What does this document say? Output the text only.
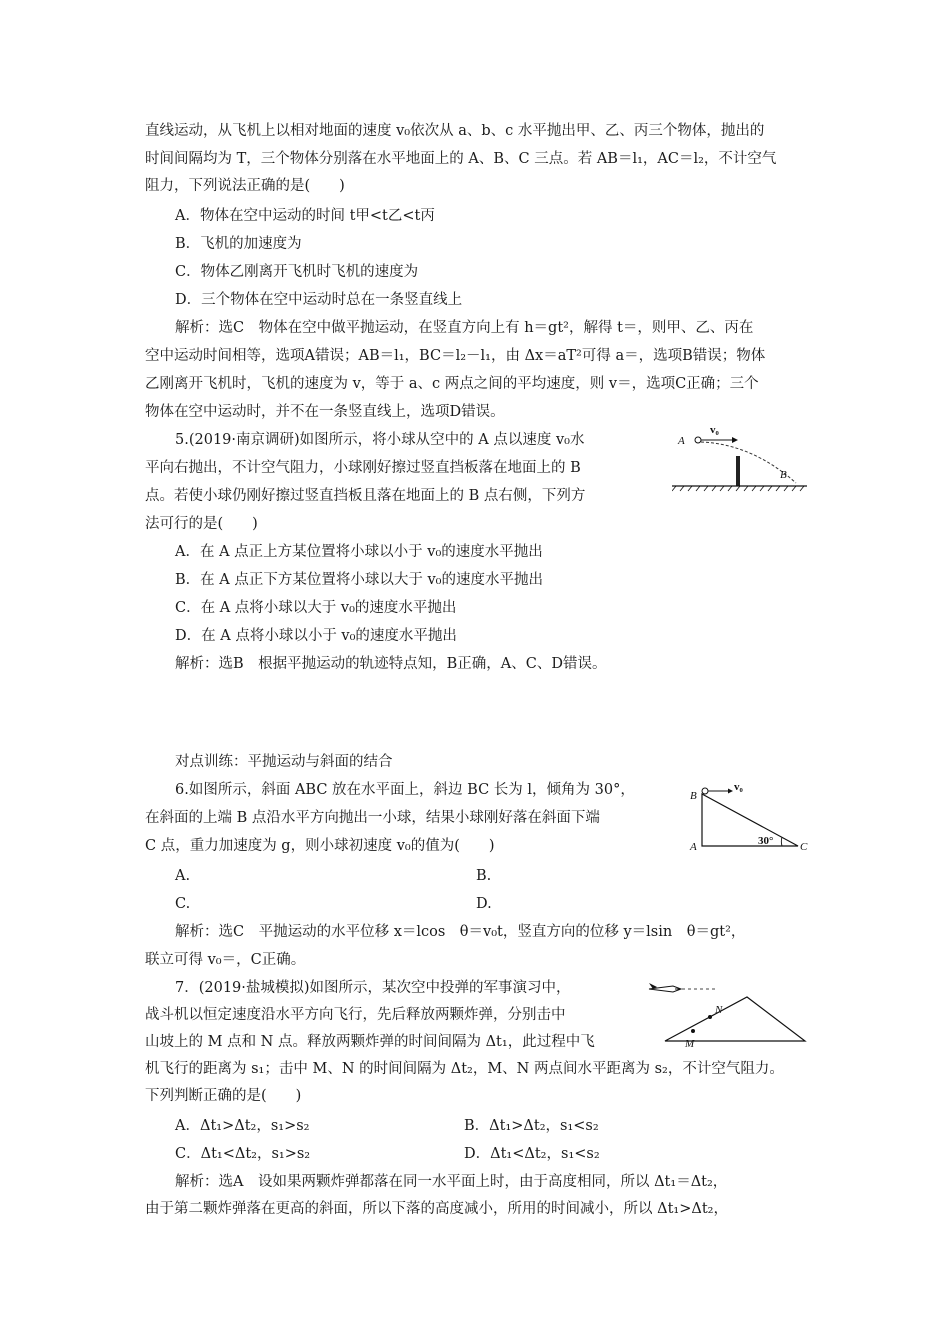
直线运动，从飞机上以相对地面的速度 v₀依次从 a、b、c 水平抛出甲、乙、丙三个物体，抛出的
时间间隔均为 T，三个物体分别落在水平地面上的 A、B、C 三点。若 AB＝l₁，AC＝l₂，不计空气
阻力，下列说法正确的是(　　)
A．物体在空中运动的时间 t甲<t乙<t丙
B．飞机的加速度为
C．物体乙刚离开飞机时飞机的速度为
D．三个物体在空中运动时总在一条竖直线上
解析：选C　物体在空中做平抛运动，在竖直方向上有 h＝gt²，解得 t＝，则甲、乙、丙在
空中运动时间相等，选项A错误；AB＝l₁，BC＝l₂－l₁，由 Δx＝aT²可得 a＝，选项B错误；物体
乙刚离开飞机时，飞机的速度为 v，等于 a、c 两点之间的平均速度，则 v＝，选项C正确；三个
物体在空中运动时，并不在一条竖直线上，选项D错误。
5.(2019·南京调研)如图所示，将小球从空中的 A 点以速度 v₀水
平向右抛出，不计空气阻力，小球刚好擦过竖直挡板落在地面上的 B
点。若使小球仍刚好擦过竖直挡板且落在地面上的 B 点右侧，下列方
法可行的是(　　)
A
v₀
B
A．在 A 点正上方某位置将小球以小于 v₀的速度水平抛出
B．在 A 点正下方某位置将小球以大于 v₀的速度水平抛出
C．在 A 点将小球以大于 v₀的速度水平抛出
D．在 A 点将小球以小于 v₀的速度水平抛出
解析：选B　根据平抛运动的轨迹特点知，B正确，A、C、D错误。
对点训练：平抛运动与斜面的结合
6.如图所示，斜面 ABC 放在水平面上，斜边 BC 长为 l，倾角为 30°，
在斜面的上端 B 点沿水平方向抛出一小球，结果小球刚好落在斜面下端
C 点，重力加速度为 g，则小球初速度 v₀的值为(　　)
B
A	C
v₀
30°
A.	B.
C.	D.
解析：选C　平抛运动的水平位移 x＝lcos　θ＝v₀t，竖直方向的位移 y＝lsin　θ＝gt²，
联立可得 v₀＝，C正确。
7．(2019·盐城模拟)如图所示，某次空中投弹的军事演习中，
战斗机以恒定速度沿水平方向飞行，先后释放两颗炸弹，分别击中
山坡上的 M 点和 N 点。释放两颗炸弹的时间间隔为 Δt₁，此过程中飞
机飞行的距离为 s₁；击中 M、N 的时间间隔为 Δt₂，M、N 两点间水平距离为 s₂，不计空气阻力。
下列判断正确的是(　　)
N
M
A．Δt₁>Δt₂，s₁>s₂	B．Δt₁>Δt₂，s₁<s₂
C．Δt₁<Δt₂，s₁>s₂	D．Δt₁<Δt₂，s₁<s₂
解析：选A　设如果两颗炸弹都落在同一水平面上时，由于高度相同，所以 Δt₁＝Δt₂，
由于第二颗炸弹落在更高的斜面，所以下落的高度减小，所用的时间减小，所以 Δt₁>Δt₂，
